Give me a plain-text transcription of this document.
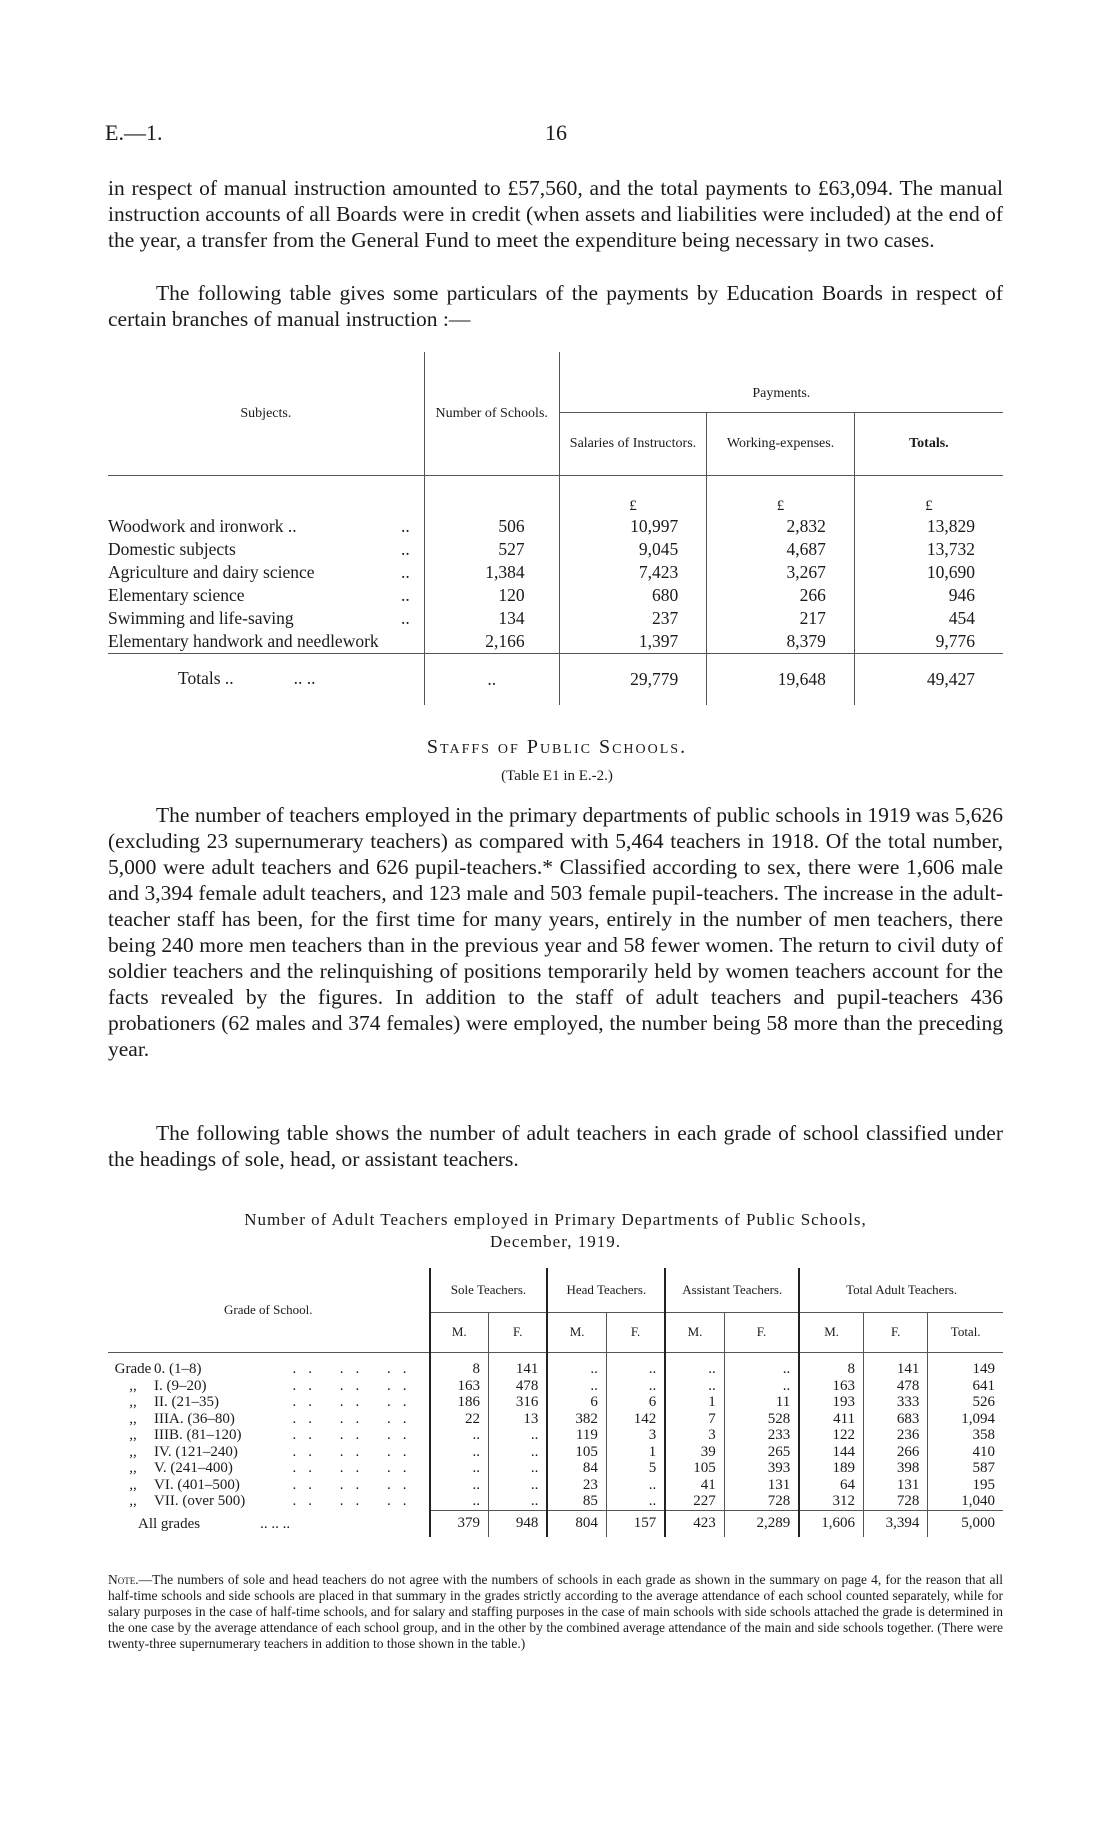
E.—1.	16

in respect of manual instruction amounted to £57,560, and the total payments to £63,094. The manual instruction accounts of all Boards were in credit (when assets and liabilities were included) at the end of the year, a transfer from the General Fund to meet the expenditure being necessary in two cases.

The following table gives some particulars of the payments by Education Boards in respect of certain branches of manual instruction :—

Subjects.	Number of Schools.	Payments.		
		Salaries of Instructors.	Working-expenses.	Totals.
		£	£	£
Woodwork and ironwork .. ..	506	10,997	2,832	13,829
Domestic subjects ..	527	9,045	4,687	13,732
Agriculture and dairy science ..	1,384	7,423	3,267	10,690
Elementary science ..	120	680	266	946
Swimming and life-saving ..	134	237	217	454
Elementary handwork and needlework	2,166	1,397	8,379	9,776
Totals .. .. ..	..	29,779	19,648	49,427
Staffs of Public Schools.
(Table E1 in E.-2.)

The number of teachers employed in the primary departments of public schools in 1919 was 5,626 (excluding 23 supernumerary teachers) as compared with 5,464 teachers in 1918. Of the total number, 5,000 were adult teachers and 626 pupil-teachers.* Classified according to sex, there were 1,606 male and 3,394 female adult teachers, and 123 male and 503 female pupil-teachers. The increase in the adult-teacher staff has been, for the first time for many years, entirely in the number of men teachers, there being 240 more men teachers than in the previous year and 58 fewer women. The return to civil duty of soldier teachers and the relinquishing of positions temporarily held by women teachers account for the facts revealed by the figures. In addition to the staff of adult teachers and pupil-teachers 436 probationers (62 males and 374 females) were employed, the number being 58 more than the preceding year.

The following table shows the number of adult teachers in each grade of school classified under the headings of sole, head, or assistant teachers.

Number of Adult Teachers employed in Primary Departments of Public Schools,
December, 1919.
Grade of School.	Sole Teachers.		Head Teachers.		Assistant Teachers.		Total Adult Teachers.		
	M.	F.	M.	F.	M.	F.	M.	F.	Total.

Grade 0. (1–8) .. .. ..	8	141	..	..	..	..	8	141	149
,, I. (9–20) .. .. ..	163	478	..	..	..	..	163	478	641
,, II. (21–35) .. .. ..	186	316	6	6	1	11	193	333	526
,, IIIA. (36–80) .. .. ..	22	13	382	142	7	528	411	683	1,094
,, IIIB. (81–120) .. .. ..	..	..	119	3	3	233	122	236	358
,, IV. (121–240) .. .. ..	..	..	105	1	39	265	144	266	410
,, V. (241–400) .. .. ..	..	..	84	5	105	393	189	398	587
,, VI. (401–500) .. .. ..	..	..	23	..	41	131	64	131	195
,, VII. (over 500) .. .. ..	..	..	85	..	227	728	312	728	1,040
All grades .. .. ..	379	948	804	157	423	2,289	1,606	3,394	5,000

Note.—The numbers of sole and head teachers do not agree with the numbers of schools in each grade as shown in the summary on page 4, for the reason that all half-time schools and side schools are placed in that summary in the grades strictly according to the average attendance of each school counted separately, while for salary purposes in the case of half-time schools, and for salary and staffing purposes in the case of main schools with side schools attached the grade is determined in the one case by the average attendance of each school group, and in the other by the combined average attendance of the main and side schools together. (There were twenty-three supernumerary teachers in addition to those shown in the table.)
